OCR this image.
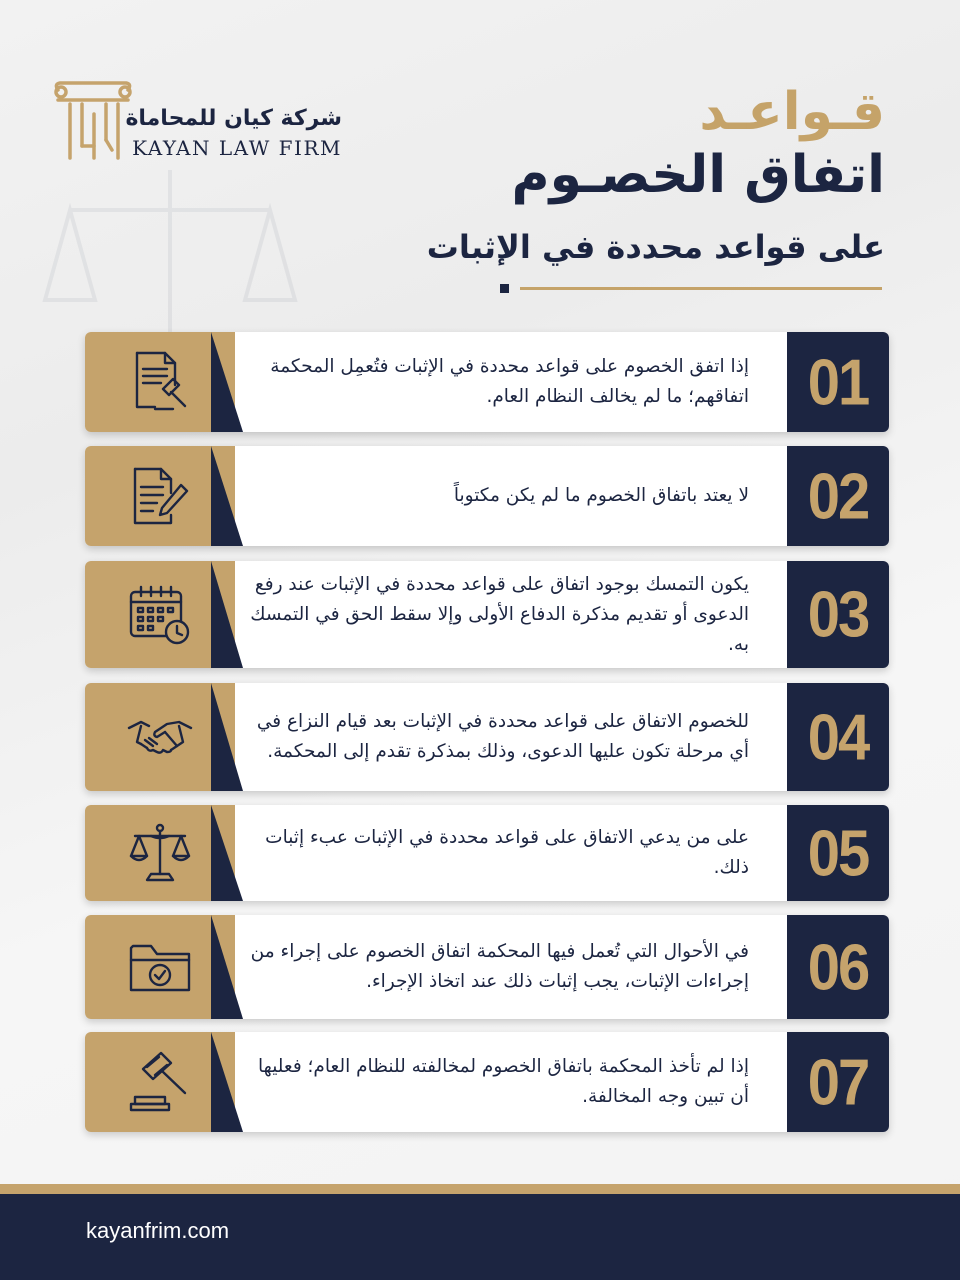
شركة كيان للمحاماة
KAYAN LAW FIRM
قـواعـد
اتفاق الخصـوم
على قواعد محددة في الإثبات
إذا اتفق الخصوم على قواعد محددة في الإثبات فتُعمِل المحكمة اتفاقهم؛ ما لم يخالف النظام العام.	01
لا يعتد باتفاق الخصوم ما لم يكن مكتوباً	02
يكون التمسك بوجود اتفاق على قواعد محددة في الإثبات عند رفع الدعوى أو تقديم مذكرة الدفاع الأولى وإلا سقط الحق في التمسك به.	03
للخصوم الاتفاق على قواعد محددة في الإثبات بعد قيام النزاع في أي مرحلة تكون عليها الدعوى، وذلك بمذكرة تقدم إلى المحكمة.	04
على من يدعي الاتفاق على قواعد محددة في الإثبات عبء إثبات ذلك.	05
في الأحوال التي تُعمل فيها المحكمة اتفاق الخصوم على إجراء من إجراءات الإثبات، يجب إثبات ذلك عند اتخاذ الإجراء.	06
إذا لم تأخذ المحكمة باتفاق الخصوم لمخالفته للنظام العام؛ فعليها أن تبين وجه المخالفة.	07
kayanfrim.com
